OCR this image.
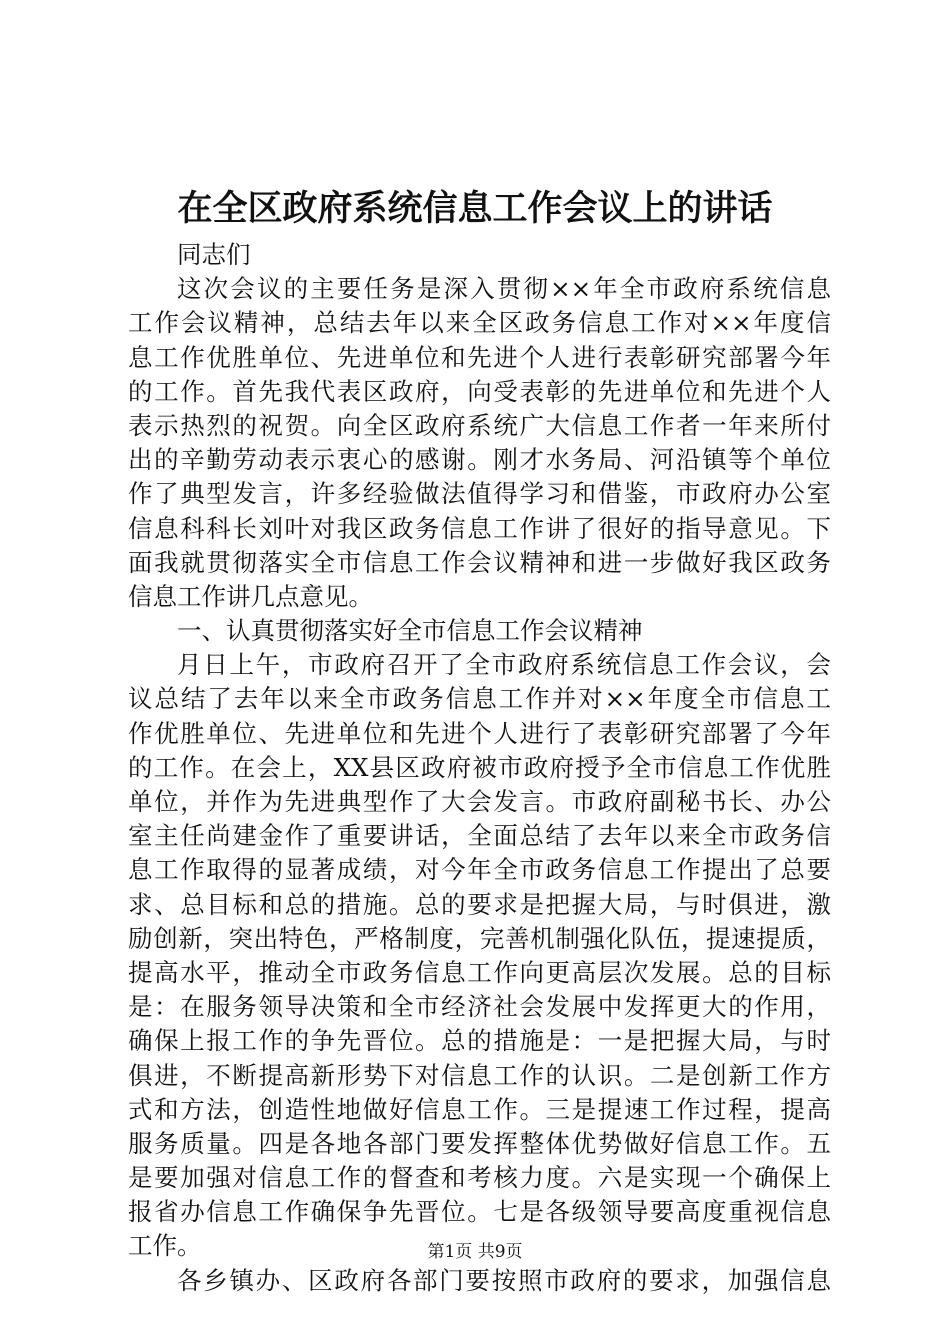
在全区政府系统信息工作会议上的讲话
同志们
这次会议的主要任务是深入贯彻××年全市政府系统信息
工作会议精神，总结去年以来全区政务信息工作对××年度信
息工作优胜单位、先进单位和先进个人进行表彰研究部署今年
的工作。首先我代表区政府，向受表彰的先进单位和先进个人
表示热烈的祝贺。向全区政府系统广大信息工作者一年来所付
出的辛勤劳动表示衷心的感谢。刚才水务局、河沿镇等个单位
作了典型发言，许多经验做法值得学习和借鉴，市政府办公室
信息科科长刘叶对我区政务信息工作讲了很好的指导意见。下
面我就贯彻落实全市信息工作会议精神和进一步做好我区政务
信息工作讲几点意见。
一、认真贯彻落实好全市信息工作会议精神
月日上午，市政府召开了全市政府系统信息工作会议，会
议总结了去年以来全市政务信息工作并对××年度全市信息工
作优胜单位、先进单位和先进个人进行了表彰研究部署了今年
的工作。在会上，XX县区政府被市政府授予全市信息工作优胜
单位，并作为先进典型作了大会发言。市政府副秘书长、办公
室主任尚建金作了重要讲话，全面总结了去年以来全市政务信
息工作取得的显著成绩，对今年全市政务信息工作提出了总要
求、总目标和总的措施。总的要求是把握大局，与时俱进，激
励创新，突出特色，严格制度，完善机制强化队伍，提速提质，
提高水平，推动全市政务信息工作向更高层次发展。总的目标
是：在服务领导决策和全市经济社会发展中发挥更大的作用，
确保上报工作的争先晋位。总的措施是：一是把握大局，与时
俱进，不断提高新形势下对信息工作的认识。二是创新工作方
式和方法，创造性地做好信息工作。三是提速工作过程，提高
服务质量。四是各地各部门要发挥整体优势做好信息工作。五
是要加强对信息工作的督查和考核力度。六是实现一个确保上
报省办信息工作确保争先晋位。七是各级领导要高度重视信息
工作。
各乡镇办、区政府各部门要按照市政府的要求，加强信息
第1页 共9页
